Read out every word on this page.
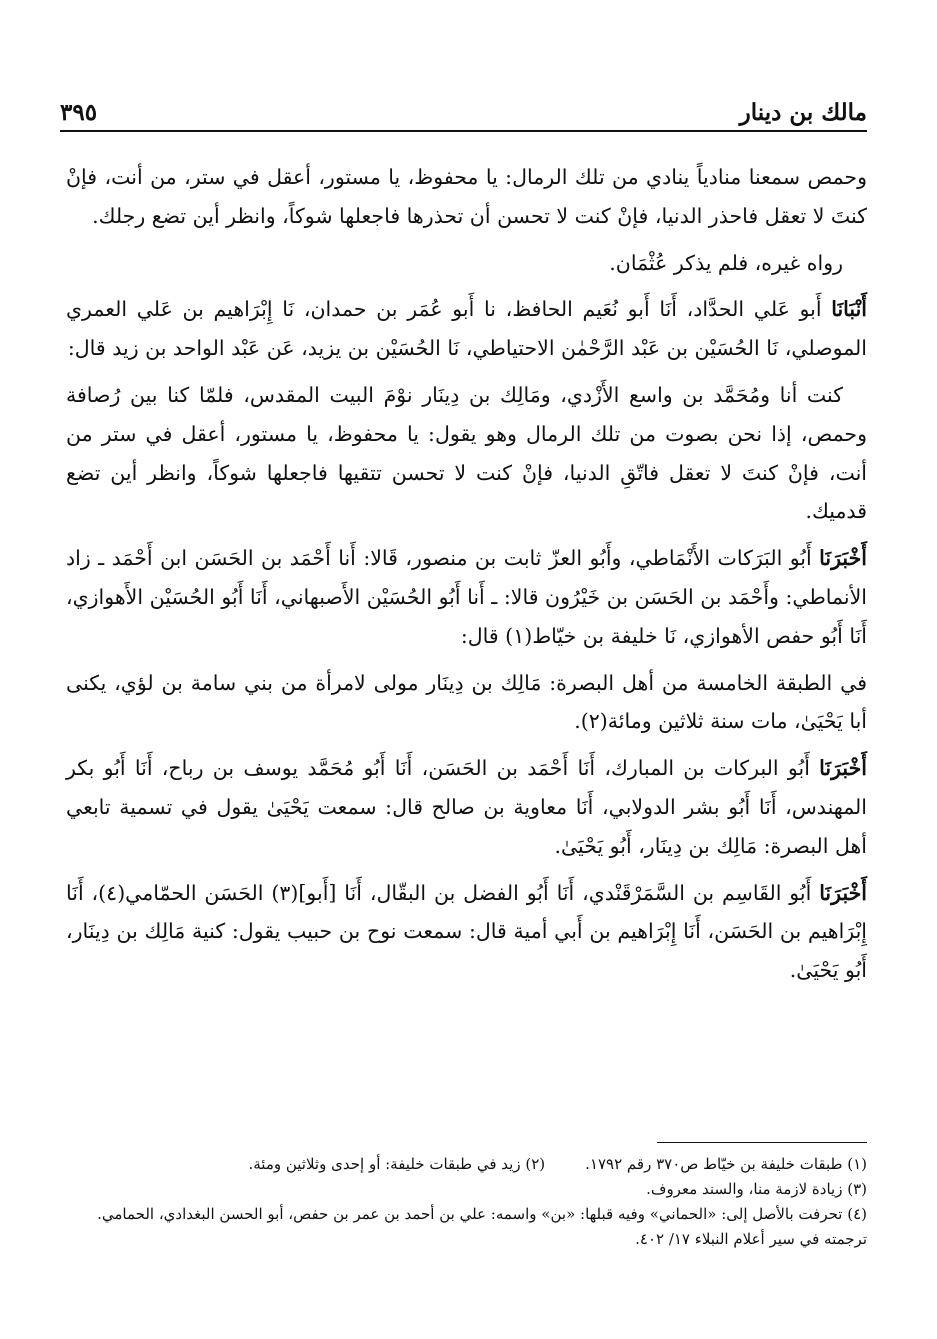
مالك بن دينار
٣٩٥

وحمص سمعنا منادياً ينادي من تلك الرمال: يا محفوظ، يا مستور، أعقل في ستر، من أنت، فإنْ كنتَ لا تعقل فاحذر الدنيا، فإنْ كنت لا تحسن أن تحذرها فاجعلها شوكاً، وانظر أين تضع رجلك.

رواه غيره، فلم يذكر عُثْمَان.

أَنْبَانَا أَبو عَلي الحدَّاد، أَنَا أَبو نُعَيم الحافظ، نا أَبو عُمَر بن حمدان، نَا إِبْرَاهيم بن عَلي العمري الموصلي، نَا الحُسَيْن بن عَبْد الرَّحْمٰن الاحتياطي، نَا الحُسَيْن بن يزيد، عَن عَبْد الواحد بن زيد قال:

كنت أنا ومُحَمَّد بن واسع الأَزْدي، ومَالِك بن دِينَار نوْمَ البيت المقدس، فلمّا كنا بين رُصافة وحمص، إذا نحن بصوت من تلك الرمال وهو يقول: يا محفوظ، يا مستور، أعقل في ستر من أنت، فإنْ كنتَ لا تعقل فاتّقِ الدنيا، فإنْ كنت لا تحسن تتقيها فاجعلها شوكاً، وانظر أين تضع قدميك.

أَخْبَرَنَا أَبُو البَرَكات الأَنْمَاطي، وأَبُو العزّ ثابت بن منصور، قَالا: أَنا أَحْمَد بن الحَسَن ابن أَحْمَد ـ زاد الأنماطي: وأَحْمَد بن الحَسَن بن خَيْرُون قالا: ـ أَنا أَبُو الحُسَيْن الأَصبهاني، أَنَا أَبُو الحُسَيْن الأَهوازي، أَنَا أَبُو حفص الأهوازي، نَا خليفة بن خيّاط(١) قال:

في الطبقة الخامسة من أهل البصرة: مَالِك بن دِينَار مولى لامرأة من بني سامة بن لؤي، يكنى أبا يَحْيَىٰ، مات سنة ثلاثين ومائة(٢).

أَخْبَرَنَا أَبُو البركات بن المبارك، أَنَا أَحْمَد بن الحَسَن، أَنَا أَبُو مُحَمَّد يوسف بن رباح، أَنَا أَبُو بكر المهندس، أَنَا أَبُو بشر الدولابي، أَنَا معاوية بن صالح قال: سمعت يَحْيَىٰ يقول في تسمية تابعي أهل البصرة: مَالِك بن دِينَار، أَبُو يَحْيَىٰ.

أَخْبَرَنَا أَبُو القَاسِم بن السَّمَرْقَنْدي، أَنَا أَبُو الفضل بن البقّال، أَنَا [أَبو](٣) الحَسَن الحمّامي(٤)، أَنَا إِبْرَاهيم بن الحَسَن، أَنَا إِبْرَاهيم بن أَبي أمية قال: سمعت نوح بن حبيب يقول: كنية مَالِك بن دِينَار، أَبُو يَحْيَىٰ.

(١) طبقات خليفة بن خيّاط ص٣٧٠ رقم ١٧٩٢.

(٢) زيد في طبقات خليفة: أو إحدى وثلاثين ومئة.

(٣) زيادة لازمة منا، والسند معروف.

(٤) تحرفت بالأصل إلى: «الحماني» وفيه قبلها: «بن» واسمه: علي بن أحمد بن عمر بن حفص، أبو الحسن البغدادي، الحمامي. ترجمته في سير أعلام النبلاء ١٧/ ٤٠٢.
